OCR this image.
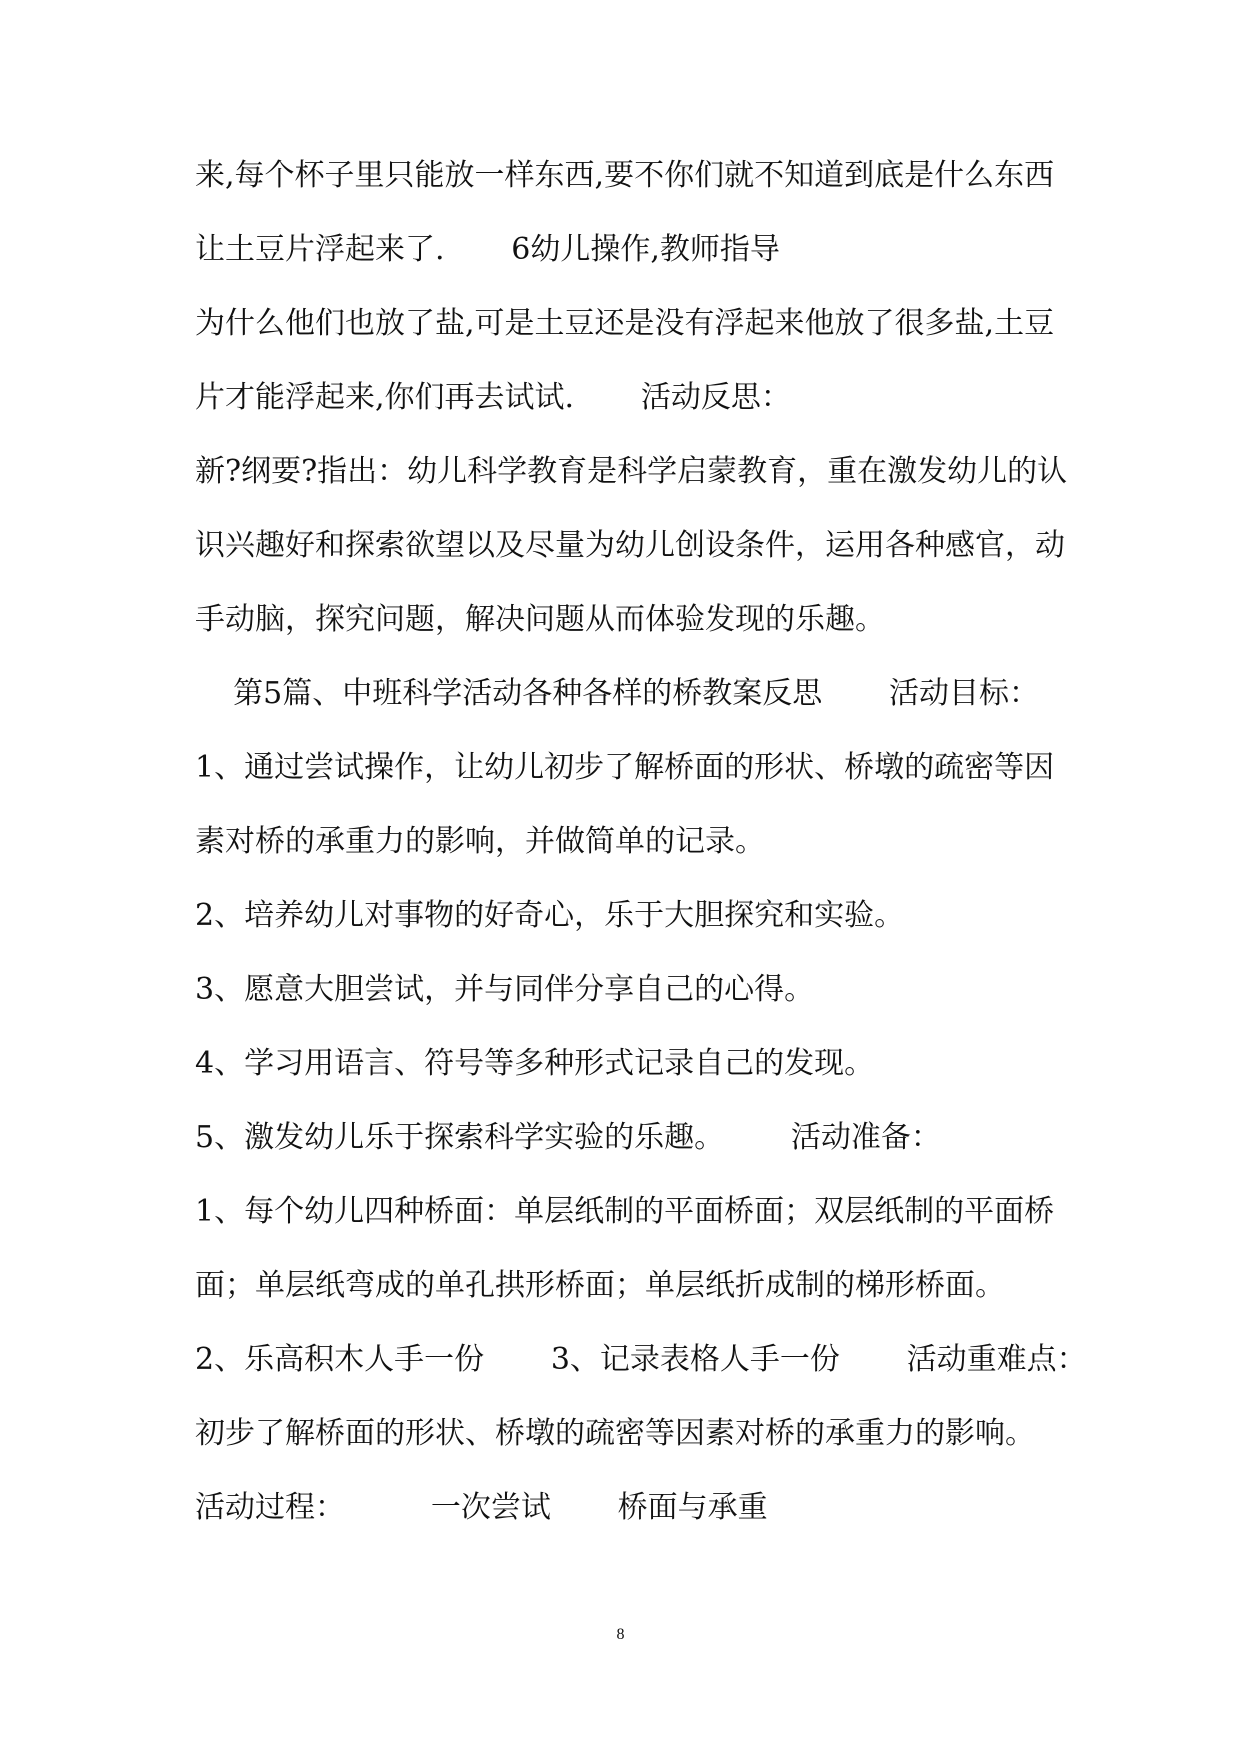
来,每个杯子里只能放一样东西,要不你们就不知道到底是什么东西
让土豆片浮起来了.       6幼儿操作,教师指导
为什么他们也放了盐,可是土豆还是没有浮起来他放了很多盐,土豆
片才能浮起来,你们再去试试.       活动反思：
新?纲要?指出：幼儿科学教育是科学启蒙教育，重在激发幼儿的认
识兴趣好和探索欲望以及尽量为幼儿创设条件，运用各种感官，动
手动脑，探究问题，解决问题从而体验发现的乐趣。
第5篇、中班科学活动各种各样的桥教案反思       活动目标：
1、通过尝试操作，让幼儿初步了解桥面的形状、桥墩的疏密等因
素对桥的承重力的影响，并做简单的记录。
2、培养幼儿对事物的好奇心，乐于大胆探究和实验。
3、愿意大胆尝试，并与同伴分享自己的心得。
4、学习用语言、符号等多种形式记录自己的发现。
5、激发幼儿乐于探索科学实验的乐趣。       活动准备：
1、每个幼儿四种桥面：单层纸制的平面桥面；双层纸制的平面桥
面；单层纸弯成的单孔拱形桥面；单层纸折成制的梯形桥面。
2、乐高积木人手一份       3、记录表格人手一份       活动重难点：
初步了解桥面的形状、桥墩的疏密等因素对桥的承重力的影响。
活动过程：         一次尝试       桥面与承重
8
